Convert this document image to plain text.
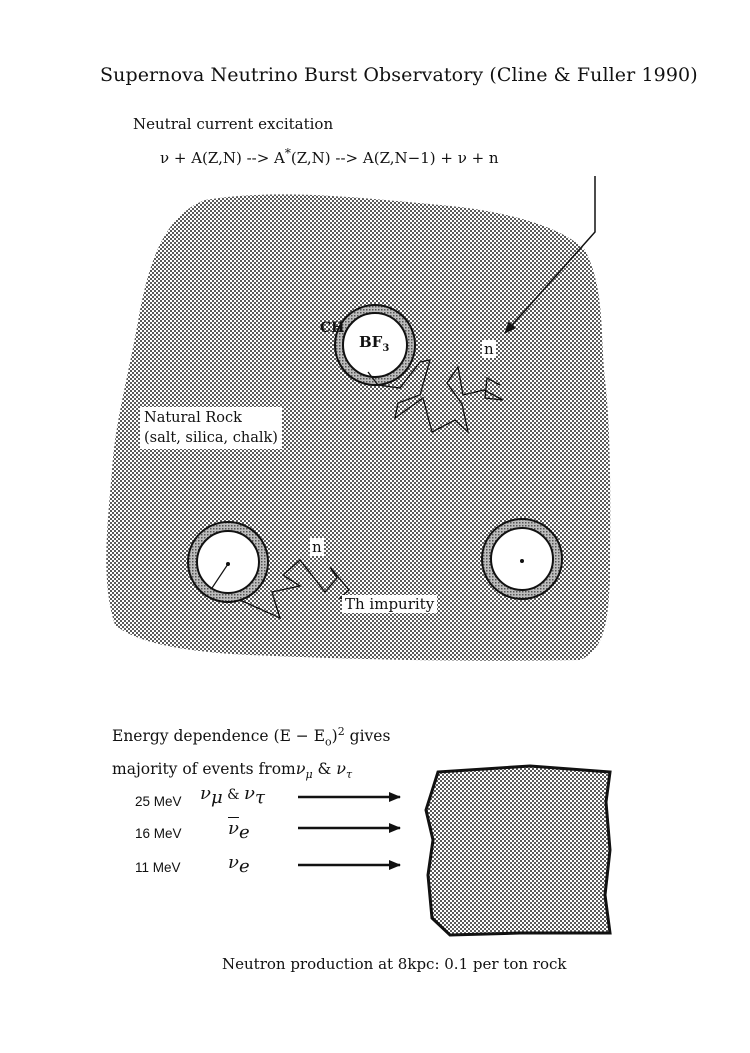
Supernova Neutrino Burst Observatory (Cline & Fuller 1990)
Neutral current excitation
ν + A(Z,N) --> A*(Z,N) --> A(Z,N−1) + ν + n
CH
$BF_3$	n
Natural Rock
(salt, silica, chalk)
n
Th impurity
Energy dependence $(E - E_o)^2$ gives
majority of events fromν$_\mu$ & $\nu_\tau$
25 MeV $\nu_\mu$ & $\nu_\tau$
16 MeV	$\overline{\nu}_e$
11 MeV	$\nu_e$
Neutron production at 8kpc: 0.1 per ton rock
